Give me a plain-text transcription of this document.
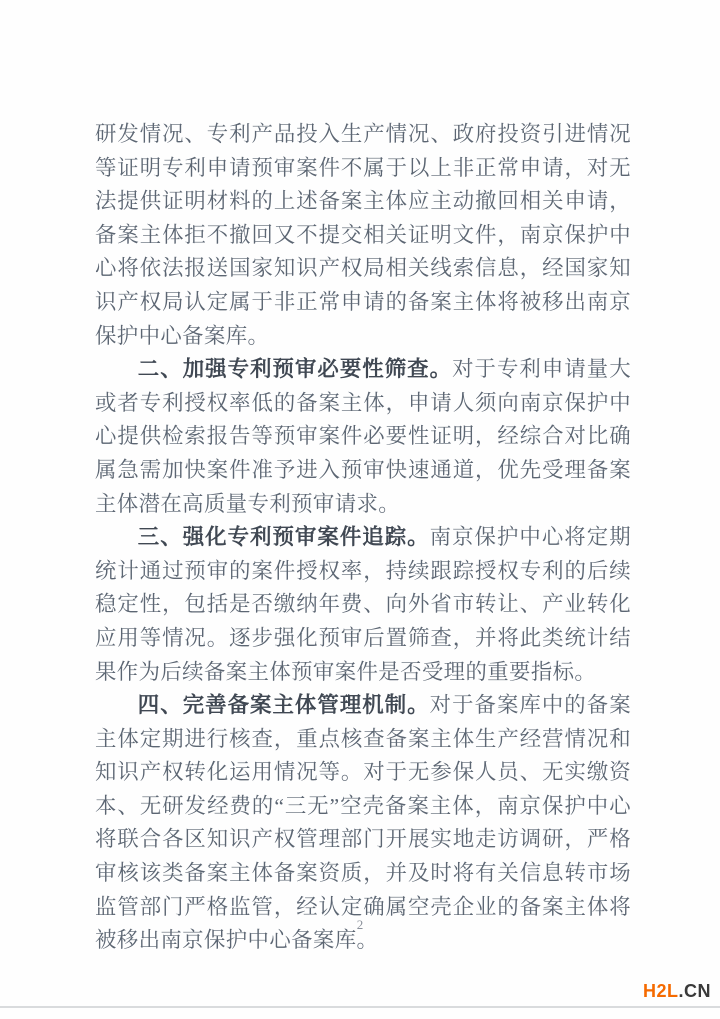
研发情况、专利产品投入生产情况、政府投资引进情况等证明专利申请预审案件不属于以上非正常申请，对无法提供证明材料的上述备案主体应主动撤回相关申请，备案主体拒不撤回又不提交相关证明文件，南京保护中心将依法报送国家知识产权局相关线索信息，经国家知识产权局认定属于非正常申请的备案主体将被移出南京保护中心备案库。

二、加强专利预审必要性筛查。对于专利申请量大或者专利授权率低的备案主体，申请人须向南京保护中心提供检索报告等预审案件必要性证明，经综合对比确属急需加快案件准予进入预审快速通道，优先受理备案主体潜在高质量专利预审请求。

三、强化专利预审案件追踪。南京保护中心将定期统计通过预审的案件授权率，持续跟踪授权专利的后续稳定性，包括是否缴纳年费、向外省市转让、产业转化应用等情况。逐步强化预审后置筛查，并将此类统计结果作为后续备案主体预审案件是否受理的重要指标。

四、完善备案主体管理机制。对于备案库中的备案主体定期进行核查，重点核查备案主体生产经营情况和知识产权转化运用情况等。对于无参保人员、无实缴资本、无研发经费的“三无”空壳备案主体，南京保护中心将联合各区知识产权管理部门开展实地走访调研，严格审核该类备案主体备案资质，并及时将有关信息转市场监管部门严格监管，经认定确属空壳企业的备案主体将被移出南京保护中心备案库。

2
H2L.CN
